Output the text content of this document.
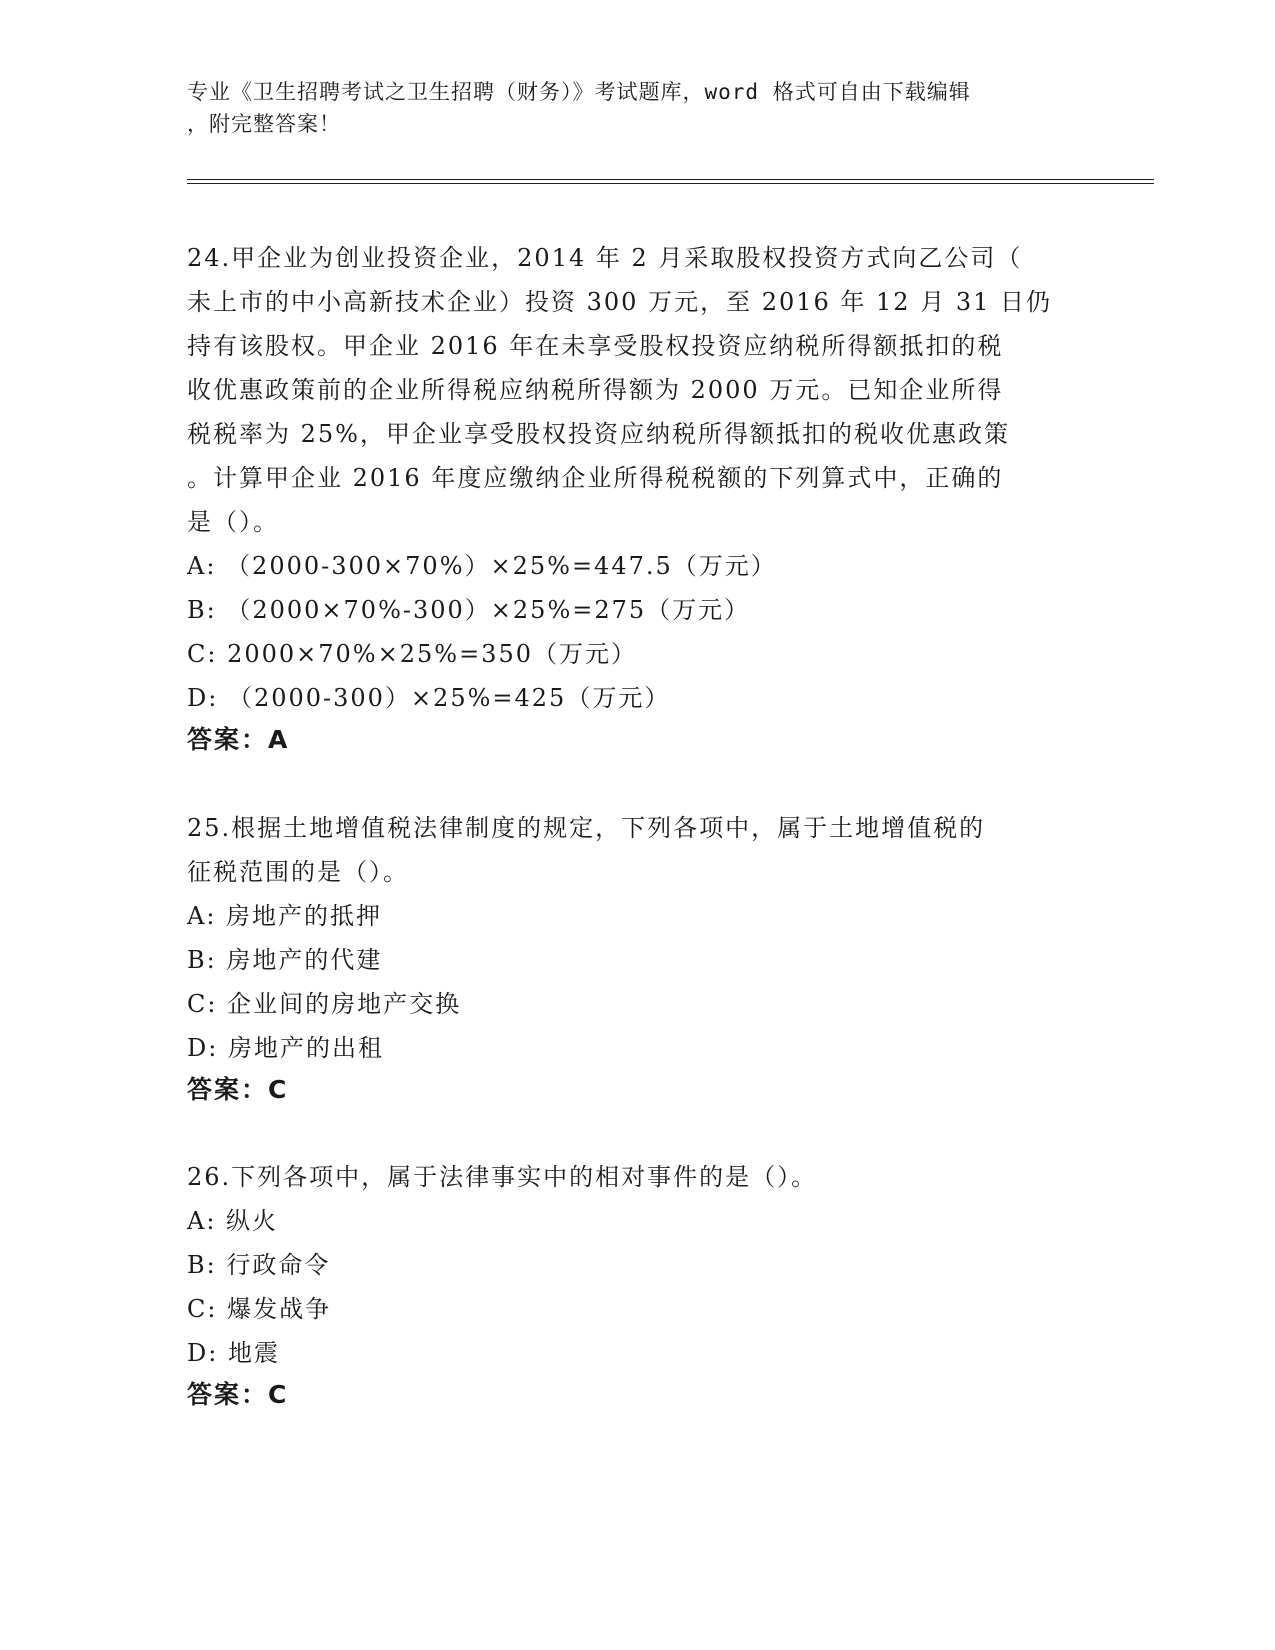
专业《卫生招聘考试之卫生招聘（财务）》考试题库，word 格式可自由下载编辑
，附完整答案！
24.甲企业为创业投资企业，2014 年 2 月采取股权投资方式向乙公司（
未上市的中小高新技术企业）投资 300 万元，至 2016 年 12 月 31 日仍
持有该股权。甲企业 2016 年在未享受股权投资应纳税所得额抵扣的税
收优惠政策前的企业所得税应纳税所得额为 2000 万元。已知企业所得
税税率为 25%，甲企业享受股权投资应纳税所得额抵扣的税收优惠政策
。计算甲企业 2016 年度应缴纳企业所得税税额的下列算式中，正确的
是（）。
A: （2000-300×70%）×25%=447.5（万元）
B: （2000×70%-300）×25%=275（万元）
C: 2000×70%×25%=350（万元）
D: （2000-300）×25%=425（万元）
答案：A
25.根据土地增值税法律制度的规定，下列各项中，属于土地增值税的
征税范围的是（）。
A: 房地产的抵押
B: 房地产的代建
C: 企业间的房地产交换
D: 房地产的出租
答案：C
26.下列各项中，属于法律事实中的相对事件的是（）。
A: 纵火
B: 行政命令
C: 爆发战争
D: 地震
答案：C
